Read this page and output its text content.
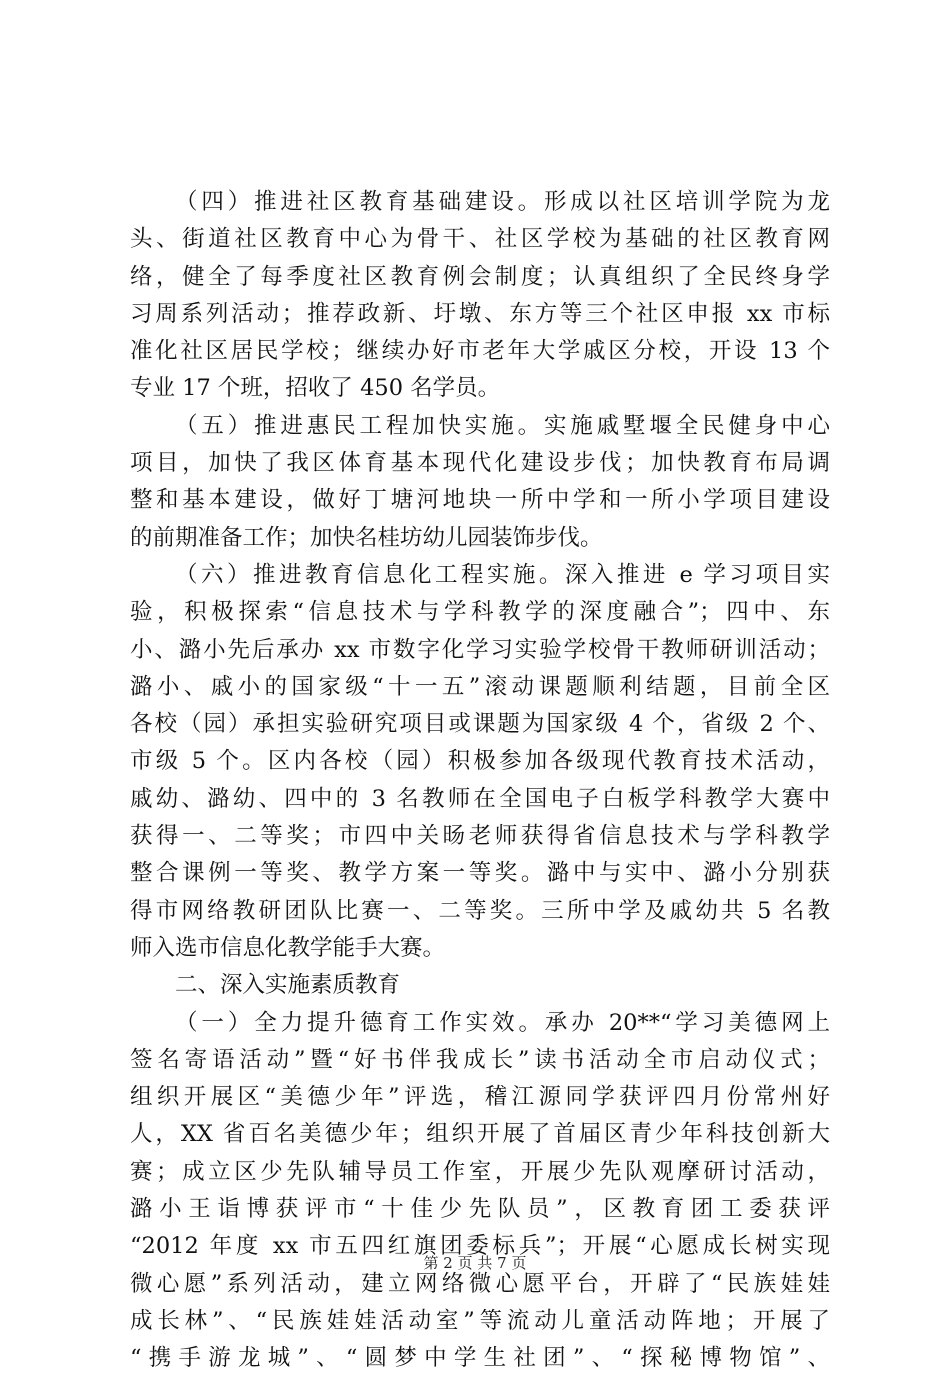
（四）推进社区教育基础建设。形成以社区培训学院为龙
头、街道社区教育中心为骨干、社区学校为基础的社区教育网
络，健全了每季度社区教育例会制度；认真组织了全民终身学
习周系列活动；推荐政新、圩墩、东方等三个社区申报 xx 市标
准化社区居民学校；继续办好市老年大学戚区分校，开设 13 个
专业 17 个班，招收了 450 名学员。
（五）推进惠民工程加快实施。实施戚墅堰全民健身中心
项目，加快了我区体育基本现代化建设步伐；加快教育布局调
整和基本建设，做好丁塘河地块一所中学和一所小学项目建设
的前期准备工作；加快名桂坊幼儿园装饰步伐。
（六）推进教育信息化工程实施。深入推进 e 学习项目实
验，积极探索“信息技术与学科教学的深度融合”；四中、东
小、潞小先后承办 xx 市数字化学习实验学校骨干教师研训活动；
潞小、戚小的国家级“十一五”滚动课题顺利结题，目前全区
各校（园）承担实验研究项目或课题为国家级 4 个，省级 2 个、
市级 5 个。区内各校（园）积极参加各级现代教育技术活动，
戚幼、潞幼、四中的 3 名教师在全国电子白板学科教学大赛中
获得一、二等奖；市四中关旸老师获得省信息技术与学科教学
整合课例一等奖、教学方案一等奖。潞中与实中、潞小分别获
得市网络教研团队比赛一、二等奖。三所中学及戚幼共 5 名教
师入选市信息化教学能手大赛。
二、深入实施素质教育
（一）全力提升德育工作实效。承办 20**“学习美德网上
签名寄语活动”暨“好书伴我成长”读书活动全市启动仪式；
组织开展区“美德少年”评选，稽江源同学获评四月份常州好
人，XX 省百名美德少年；组织开展了首届区青少年科技创新大
赛；成立区少先队辅导员工作室，开展少先队观摩研讨活动，
潞小王诣博获评市“十佳少先队员”，区教育团工委获评
“2012 年度 xx 市五四红旗团委标兵”；开展“心愿成长树实现
微心愿”系列活动，建立网络微心愿平台，开辟了“民族娃娃
成长林”、“民族娃娃活动室”等流动儿童活动阵地；开展了
“携手游龙城”、“圆梦中学生社团”、“探秘博物馆”、
第 2 页 共 7 页
